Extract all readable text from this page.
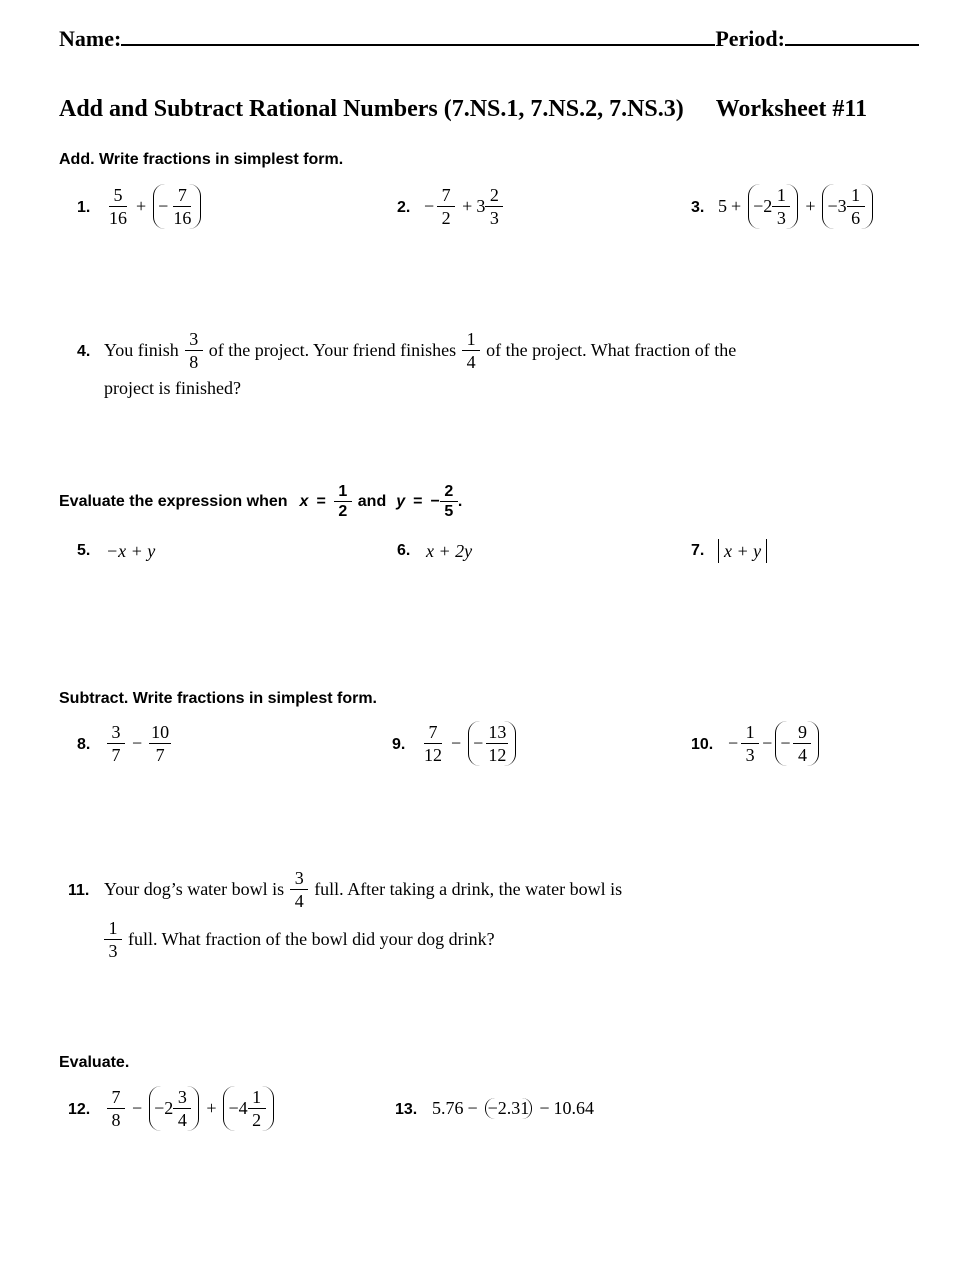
Name:	Period:
Add and Subtract Rational Numbers (7.NS.1, 7.NS.2, 7.NS.3) Worksheet #11
Add. Write fractions in simplest form.
1. $\frac{5}{16}$ + − $\frac{7}{16}$	2. − $\frac{7}{2} + 3 \frac{2}{3}$	3. $5 + -2 \frac{1}{3} + -3 \frac{1}{6}$
4. You finish $\frac{3}{8}$ of the project. Your friend finishes $\frac{1}{4}$ of the project. What fraction of the
project is finished?
Evaluate the expression when $x = \frac{1}{2}$ and y = − $\frac{2}{5}$ .
5. −x + y	6. x + 2y	7.	x + y
Subtract. Write fractions in simplest form.
8. $\frac{3}{7} - \frac{10}{7}$	9. $\frac{7}{12}$ − − $\frac{13}{12}$	10. − $\frac{1}{3}$ − − $\frac{9}{4}$
11. Your dog’s water bowl is $\frac{3}{4}$ full. After taking a drink, the water bowl is
$\frac{1}{3}$ full. What fraction of the bowl did your dog drink?
Evaluate.
12. $\frac{7}{8} - -2 \frac{3}{4} + -4 \frac{1}{2}$	13. 5.76 − −2.31 − 10.64
